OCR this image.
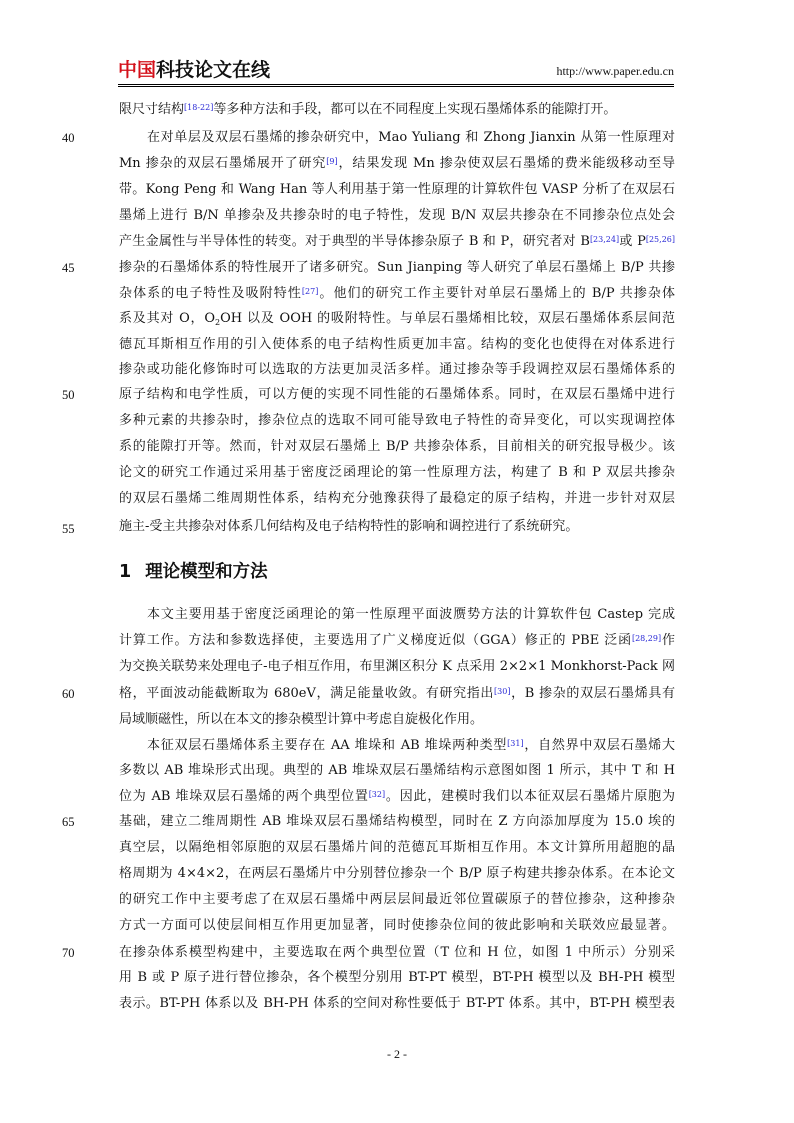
中国科技论文在线	http://www.paper.edu.cn
40
45
50
55
60
65
70
限尺寸结构[18-22]等多种方法和手段，都可以在不同程度上实现石墨烯体系的能隙打开。
在对单层及双层石墨烯的掺杂研究中，Mao Yuliang 和 Zhong Jianxin 从第一性原理对
Mn 掺杂的双层石墨烯展开了研究[9]，结果发现 Mn 掺杂使双层石墨烯的费米能级移动至导
带。Kong Peng 和 Wang Han 等人利用基于第一性原理的计算软件包 VASP 分析了在双层石
墨烯上进行 B/N 单掺杂及共掺杂时的电子特性，发现 B/N 双层共掺杂在不同掺杂位点处会
产生金属性与半导体性的转变。对于典型的半导体掺杂原子 B 和 P，研究者对 B[23,24]或 P[25,26]
掺杂的石墨烯体系的特性展开了诸多研究。Sun Jianping 等人研究了单层石墨烯上 B/P 共掺
杂体系的电子特性及吸附特性[27]。他们的研究工作主要针对单层石墨烯上的 B/P 共掺杂体
系及其对 O，$O_2OH$ 以及 OOH 的吸附特性。与单层石墨烯相比较，双层石墨烯体系层间范
德瓦耳斯相互作用的引入使体系的电子结构性质更加丰富。结构的变化也使得在对体系进行
掺杂或功能化修饰时可以选取的方法更加灵活多样。通过掺杂等手段调控双层石墨烯体系的
原子结构和电学性质，可以方便的实现不同性能的石墨烯体系。同时，在双层石墨烯中进行
多种元素的共掺杂时，掺杂位点的选取不同可能导致电子特性的奇异变化，可以实现调控体
系的能隙打开等。然而，针对双层石墨烯上 B/P 共掺杂体系，目前相关的研究报导极少。该
论文的研究工作通过采用基于密度泛函理论的第一性原理方法，构建了 B 和 P 双层共掺杂
的双层石墨烯二维周期性体系，结构充分弛豫获得了最稳定的原子结构，并进一步针对双层
施主-受主共掺杂对体系几何结构及电子结构特性的影响和调控进行了系统研究。
1 理论模型和方法
本文主要用基于密度泛函理论的第一性原理平面波赝势方法的计算软件包 Castep 完成
计算工作。方法和参数选择使，主要选用了广义梯度近似（GGA）修正的 PBE 泛函[28,29]作
为交换关联势来处理电子-电子相互作用，布里渊区积分 K 点采用 2×2×1 Monkhorst-Pack 网
格，平面波动能截断取为 680eV，满足能量收敛。有研究指出[30]，B 掺杂的双层石墨烯具有
局域顺磁性，所以在本文的掺杂模型计算中考虑自旋极化作用。
本征双层石墨烯体系主要存在 AA 堆垛和 AB 堆垛两种类型[31]，自然界中双层石墨烯大
多数以 AB 堆垛形式出现。典型的 AB 堆垛双层石墨烯结构示意图如图 1 所示，其中 T 和 H
位为 AB 堆垛双层石墨烯的两个典型位置[32]。因此，建模时我们以本征双层石墨烯片原胞为
基础，建立二维周期性 AB 堆垛双层石墨烯结构模型，同时在 Z 方向添加厚度为 15.0 埃的
真空层，以隔绝相邻原胞的双层石墨烯片间的范德瓦耳斯相互作用。本文计算所用超胞的晶
格周期为 4×4×2，在两层石墨烯片中分别替位掺杂一个 B/P 原子构建共掺杂体系。在本论文
的研究工作中主要考虑了在双层石墨烯中两层层间最近邻位置碳原子的替位掺杂，这种掺杂
方式一方面可以使层间相互作用更加显著，同时使掺杂位间的彼此影响和关联效应最显著。
在掺杂体系模型构建中，主要选取在两个典型位置（T 位和 H 位，如图 1 中所示）分别采
用 B 或 P 原子进行替位掺杂，各个模型分别用 BT-PT 模型，BT-PH 模型以及 BH-PH 模型
表示。BT-PH 体系以及 BH-PH 体系的空间对称性要低于 BT-PT 体系。其中，BT-PH 模型表
- 2 -
